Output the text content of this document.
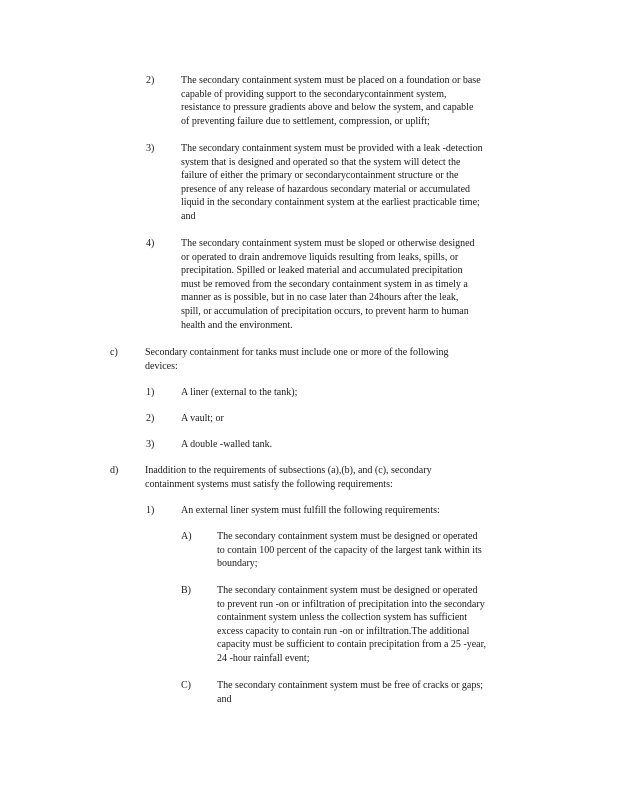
2)	The secondary containment system must be placed on a foundation or base

capable of providing support to the secondarycontainment system,

resistance to pressure gradients above and below the system, and capable

of preventing failure due to settlement, compression, or uplift;

3)	The secondary containment system must be provided with a leak -detection

system that is designed and operated so that the system will detect the

failure of either the primary or secondarycontainment structure or the

presence of any release of hazardous secondary material or accumulated

liquid in the secondary containment system at the earliest practicable time;

and

4)	The secondary containment system must be sloped or otherwise designed

or operated to drain andremove liquids resulting from leaks, spills, or

precipitation. Spilled or leaked material and accumulated precipitation

must be removed from the secondary containment system in as timely a

manner as is possible, but in no case later than 24hours after the leak,

spill, or accumulation of precipitation occurs, to prevent harm to human

health and the environment.

c)	Secondary containment for tanks must include one or more of the following

devices:

1)	A liner (external to the tank);

2)	A vault; or

3)	A double -walled tank.

d)	Inaddition to the requirements of subsections (a),(b), and (c), secondary

containment systems must satisfy the following requirements:

1)	An external liner system must fulfill the following requirements:

A)	The secondary containment system must be designed or operated

to contain 100 percent of the capacity of the largest tank within its

boundary;

B)	The secondary containment system must be designed or operated

to prevent run -on or infiltration of precipitation into the secondary

containment system unless the collection system has sufficient

excess capacity to contain run -on or infiltration.The additional

capacity must be sufficient to contain precipitation from a 25 -year,

24 -hour rainfall event;

C)	The secondary containment system must be free of cracks or gaps;

and
